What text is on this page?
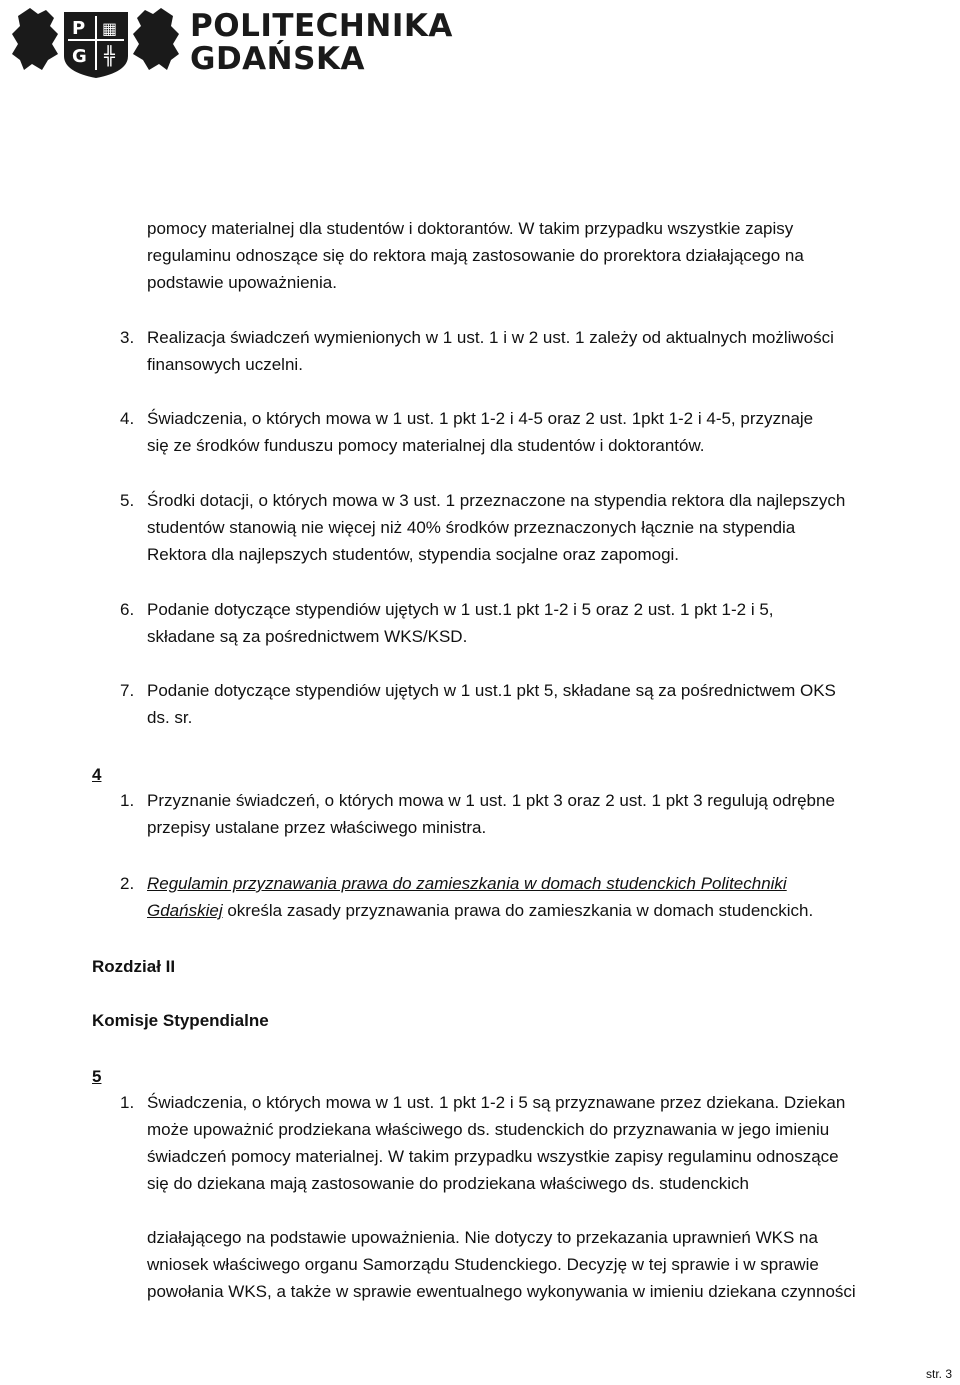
P
G
▦
╬
POLITECHNIKA
GDAŃSKA
pomocy materialnej dla studentów i doktorantów. W takim przypadku wszystkie zapisy
regulaminu odnoszące się do rektora mają zastosowanie do prorektora działającego na
podstawie upoważnienia.
3. Realizacja świadczeń wymienionych w 1 ust. 1 i w 2 ust. 1 zależy od aktualnych możliwości
finansowych uczelni.
4. Świadczenia, o których mowa w 1 ust. 1 pkt 1-2 i 4-5 oraz 2 ust. 1pkt 1-2 i 4-5, przyznaje
się ze środków funduszu pomocy materialnej dla studentów i doktorantów.
5. Środki dotacji, o których mowa w 3 ust. 1 przeznaczone na stypendia rektora dla najlepszych
studentów stanowią nie więcej niż 40% środków przeznaczonych łącznie na stypendia
Rektora dla najlepszych studentów, stypendia socjalne oraz zapomogi.
6. Podanie dotyczące stypendiów ujętych w 1 ust.1 pkt 1-2 i 5 oraz 2 ust. 1 pkt 1-2 i 5,
składane są za pośrednictwem WKS/KSD.
7. Podanie dotyczące stypendiów ujętych w 1 ust.1 pkt 5, składane są za pośrednictwem OKS
ds. sr.
4
1. Przyznanie świadczeń, o których mowa w 1 ust. 1 pkt 3 oraz 2 ust. 1 pkt 3 regulują odrębne
przepisy ustalane przez właściwego ministra.
2. Regulamin przyznawania prawa do zamieszkania w domach studenckich Politechniki
Gdańskiej określa zasady przyznawania prawa do zamieszkania w domach studenckich.
Rozdział II
Komisje Stypendialne
5
1. Świadczenia, o których mowa w 1 ust. 1 pkt 1-2 i 5 są przyznawane przez dziekana. Dziekan
może upoważnić prodziekana właściwego ds. studenckich do przyznawania w jego imieniu
świadczeń pomocy materialnej. W takim przypadku wszystkie zapisy regulaminu odnoszące
się do dziekana mają zastosowanie do prodziekana właściwego ds. studenckich
działającego na podstawie upoważnienia. Nie dotyczy to przekazania uprawnień WKS na
wniosek właściwego organu Samorządu Studenckiego. Decyzję w tej sprawie i w sprawie
powołania WKS, a także w sprawie ewentualnego wykonywania w imieniu dziekana czynności
str. 3
